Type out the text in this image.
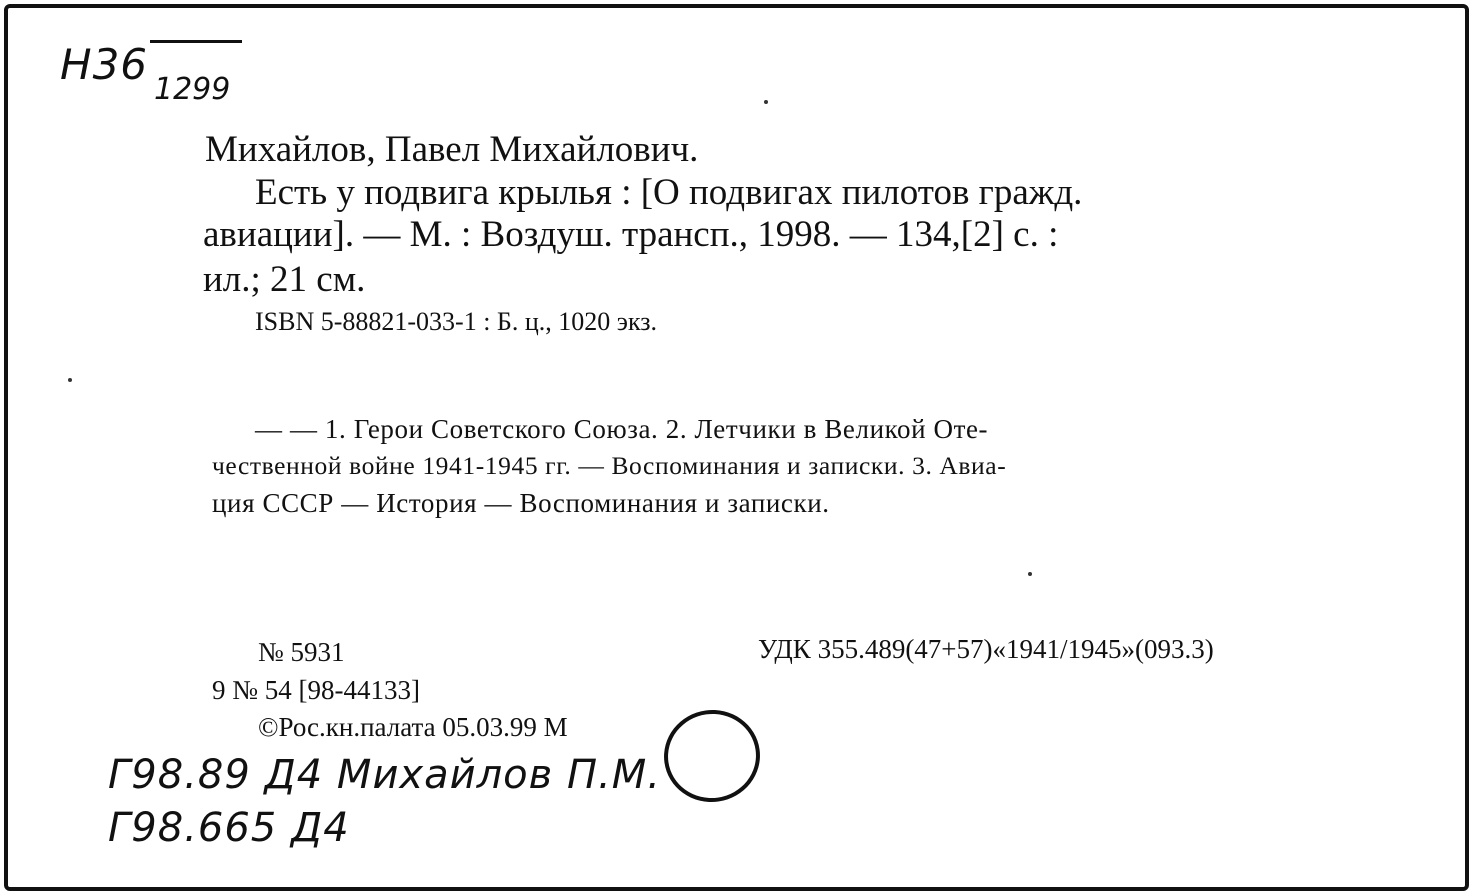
Н36
1299
Михайлов, Павел Михайлович.
Есть у подвига крылья : [О подвигах пилотов гражд.
авиации]. — М. : Воздуш. трансп., 1998. — 134,[2] с. :
ил.; 21 см.
ISBN 5-88821-033-1 : Б. ц., 1020 экз.
— — 1. Герои Советского Союза. 2. Летчики в Великой Оте-
чественной войне 1941-1945 гг. — Воспоминания и записки. 3. Авиа-
ция СССР — История — Воспоминания и записки.
№ 5931	УДК 355.489(47+57)«1941/1945»(093.3)
9 № 54 [98-44133]
©Рос.кн.палата 05.03.99 М
Г98.89 Д4 Михайлов П.М.
Г98.665 Д4
